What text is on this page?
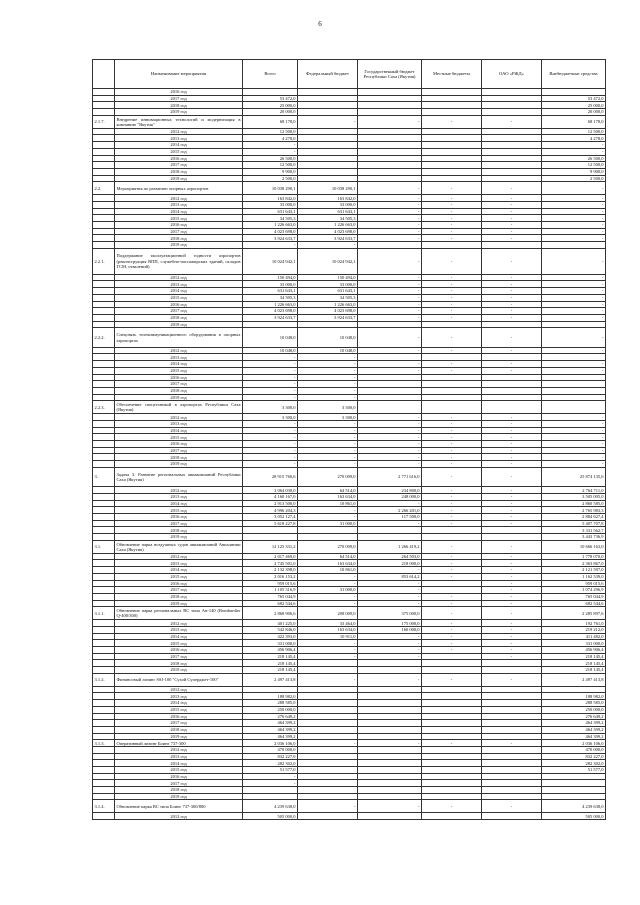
6
	Наименование мероприятия	Всего	Федеральный бюджет	Государственный бюджет Республики Саха (Якутия)	Местные бюджеты	ОАО «РЖД»	Внебюджетные средства
	2016 год						
	2017 год	53 472,0					53 472,0
	2018 год	25 000,0					25 000,0
	2019 год	20 000,0					20 000,0
2.1.7.	Внедрение инновационных технологий и модернизация в компанию "Якутия"	68 178,0	-	-	-	-	68 178,0
	2012 год	12 500,0					12 500,0
	2013 год	4 278,0					4 278,0
	2014 год	-					-
	2015 год	-					-
	2016 год	26 500,0					26 500,0
	2017 год	12 500,0					12 500,0
	2018 год	9 900,0					9 900,0
	2019 год	2 500,0					2 500,0
2.2.	Мероприятия по развитию опорных аэропортов	10 038 290,1	10 038 290,1	-	-	-	-
	2012 год	163 842,0	163 842,0	-	-	-	-
	2013 год	33 000,0	33 000,0	-	-	-	-
	2014 год	631 643,1	631 643,1	-	-	-	-
	2015 год	34 505,3	34 505,3	-	-	-	-
	2016 год	1 226 663,0	1 226 663,0	-	-	-	-
	2017 год	4 023 698,0	4 023 698,0	-	-	-	-
	2018 год	3 924 633,7	3 924 633,7	-	-	-	-
	2019 год	-	-				
2.2.1.	Поддержание эксплуатационной годности аэропортов (реконструкция ВПП, служебно-пассажирских зданий, складов ГСМ, отвалений)	10 024 942,1	10 024 942,1	-	-	-	-
	2012 год	150 494,0	150 494,0	-	-	-	-
	2013 год	33 000,0	33 000,0	-	-	-	-
	2014 год	631 643,1	631 643,1	-	-	-	-
	2015 год	34 505,3	34 505,3	-	-	-	-
	2016 год	1 226 663,0	1 226 663,0	-	-	-	-
	2017 год	4 023 698,0	4 023 698,0	-	-	-	-
	2018 год	3 924 633,7	3 924 633,7	-	-	-	-
	2019 год						
2.2.2.	Спецсвязь телекоммуникационного оборудования в опорных аэропортах	10 048,0	10 048,0	-	-	-	-
	2012 год	10 048,0	10 048,0	-	-	-	-
	2013 год	-	-				
	2014 год	-	-	-	-	-	-
	2015 год	-	-	-	-	-	-
	2016 год	-	-				
	2017 год	-	-				
	2018 год	-	-				
	2019 год	-	-				
2.2.3.	Обеспечение спецтехникой в аэропортах Республики Саха (Якутия)	3 300,0	3 300,0				
	2012 год	3 300,0	3 300,0	-	-	-	-
	2013 год	-	-	-	-	-	-
	2014 год	-	-	-	-	-	-
	2015 год	-	-	-	-	-	-
	2016 год	-	-	-	-	-	-
	2017 год	-	-	-	-	-	-
	2018 год	-	-	-	-	-	-
	2019 год	-	-	-	-	-	-
3.	Задача 3. Развитие региональных авиакомпаний Республики Саха (Якутия)	28 915 760,6	270 009,0	2 771 616,0	-	-	25 874 135,6
	2012 год	3 064 030,0	64 514,0	234 800,0	-	-	2 764 711,0
	2013 год	4 160 167,0	163 634,0	248 000,0	-	-	3 505 005,0
	2014 год	2 913 500,0	10 861,0	-	-	-	2 860 585,0
	2015 год	4 996 204,3	-	2 266 201,0	-	-	2 765 983,3
	2016 год	3 052 127,4	-	117 500,0	-	-	2 884 627,4
	2017 год	5 618 227,8	31 000,0	-	-	-	5 407 707,8
	2018 год						3 331 562,7
	2019 год						3 443 736,9
3.1.	Обновление парка воздушных судов авиакомпаний Авиалинии Саха (Якутия)	12 125 331,2	270 009,0	1 266 419,2	-	-	10 666 163,0
	2012 год	2 017 469,0	64 514,0	264 503,0	-	-	1 778 070,0
	2013 год	2 745 501,0	163 634,0	218 000,0	-	-	2 363 867,0
	2014 год	2 132 398,0	10 861,0	-	-	-	2 121 597,0
	2015 год	2 016 153,2	-	853 614,2	-	-	1 162 539,0
	2016 год	959 015,6	-	-		-	959 015,6
	2017 год	1 105 316,9	31 000,0	-		-	1 074 296,9
	2018 год	765 044,9	-	-	-	-	765 044,9
	2019 год	682 544,6	-	-	-	-	682 544,6
3.1.1.	Обновление парка региональных ВС типа Ан-140 (Bombardier Q-400/300)	2 868 906,6	208 009,0	375 000,0	-	-	2 285 897,6
	2012 год	401 225,0	33 464,0	175 000,0	-	-	192 761,0
	2013 год	542 846,0	163 634,0	160 000,0	-	-	219 212,0
	2014 год	422 393,0	10 911,0	-	-	-	411 482,0
	2015 год	331 000,0	-	-	-	-	331 000,0
	2016 год	456 906,4	-	-	-	-	456 906,4
	2017 год	218 145,4	-	-		-	218 145,4
	2018 год	218 145,4					218 145,4
	2019 год	218 145,4					218 145,4
3.1.2.	Финансовый лизинг SSJ-100 "Сухой Суперджет-100"	2 497 413,8	-	-	-	-	2 497 413,8
	2012 год						
	2013 год	188 982,0					188 982,0
	2014 год	288 585,0					288 585,0
	2015 год	250 000,0					250 000,0
	2016 год	276 649,2					276 649,2
	2017 год	464 399,2					464 399,2
	2018 год	464 399,2					464 399,2
	2019 год	464 399,2					464 399,2
3.1.3.	Оперативный лизинг Боинг 737-300	2 036 106,0	-	-	-	-	2 036 106,0
	2012 год	470 000,0					470 000,0
	2013 год	832 227,0					832 227,0
	2014 год	282 302,0					282 302,0
	2015 год	51 577,0					51 577,0
	2016 год	-					
	2017 год	-					
	2018 год						
	2019 год						
3.1.4.	Обновление парка ВС типа Боинг 737-300/800	4 239 638,0	-	-	-	-	4 239 638,0
	2012 год	505 000,0					505 000,0
